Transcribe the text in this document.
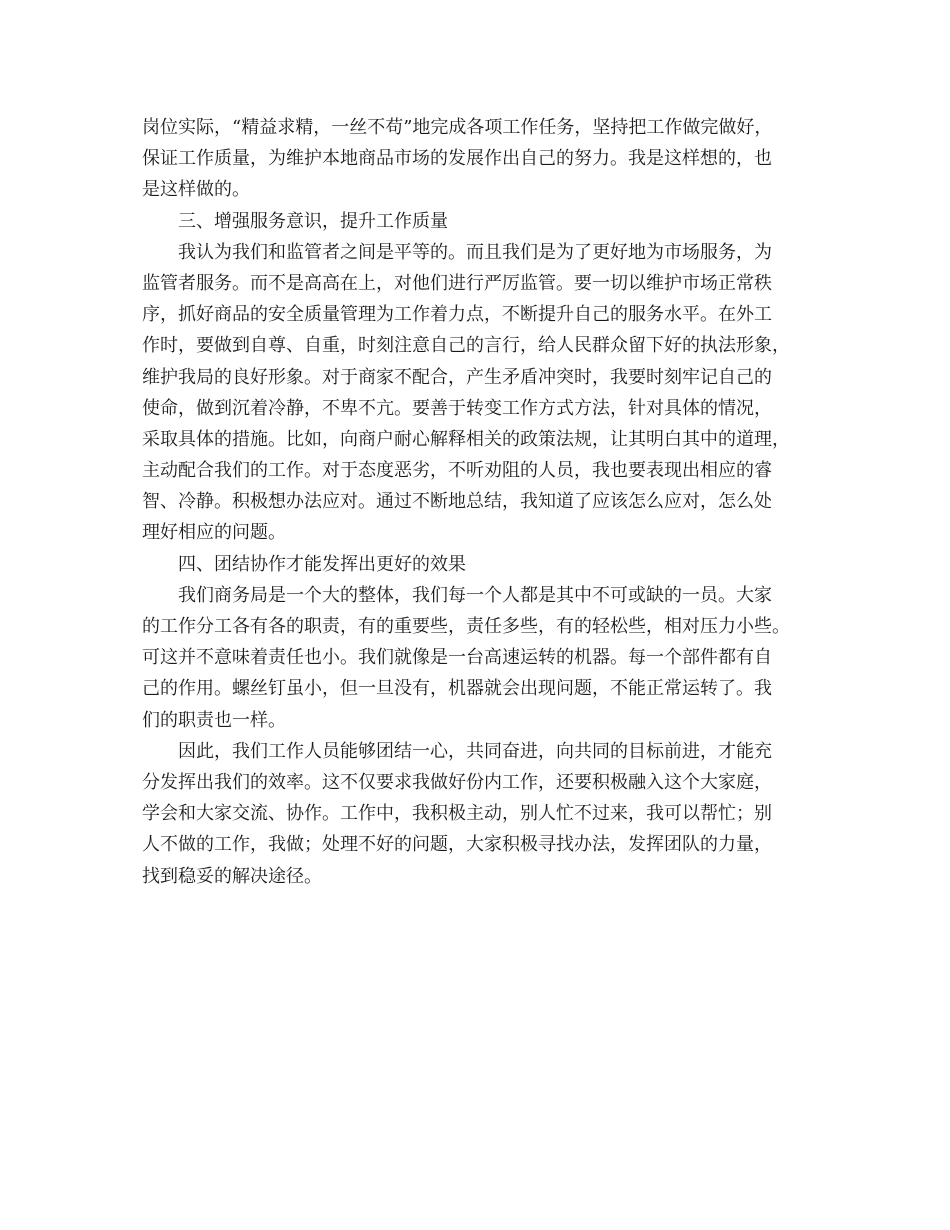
岗位实际，“精益求精，一丝不苟”地完成各项工作任务，坚持把工作做完做好，
保证工作质量，为维护本地商品市场的发展作出自己的努力。我是这样想的，也
是这样做的。
三、增强服务意识，提升工作质量
我认为我们和监管者之间是平等的。而且我们是为了更好地为市场服务，为
监管者服务。而不是高高在上，对他们进行严厉监管。要一切以维护市场正常秩
序，抓好商品的安全质量管理为工作着力点，不断提升自己的服务水平。在外工
作时，要做到自尊、自重，时刻注意自己的言行，给人民群众留下好的执法形象，
维护我局的良好形象。对于商家不配合，产生矛盾冲突时，我要时刻牢记自己的
使命，做到沉着冷静，不卑不亢。要善于转变工作方式方法，针对具体的情况，
采取具体的措施。比如，向商户耐心解释相关的政策法规，让其明白其中的道理，
主动配合我们的工作。对于态度恶劣，不听劝阻的人员，我也要表现出相应的睿
智、冷静。积极想办法应对。通过不断地总结，我知道了应该怎么应对，怎么处
理好相应的问题。
四、团结协作才能发挥出更好的效果
我们商务局是一个大的整体，我们每一个人都是其中不可或缺的一员。大家
的工作分工各有各的职责，有的重要些，责任多些，有的轻松些，相对压力小些。
可这并不意味着责任也小。我们就像是一台高速运转的机器。每一个部件都有自
己的作用。螺丝钉虽小，但一旦没有，机器就会出现问题，不能正常运转了。我
们的职责也一样。
因此，我们工作人员能够团结一心，共同奋进，向共同的目标前进，才能充
分发挥出我们的效率。这不仅要求我做好份内工作，还要积极融入这个大家庭，
学会和大家交流、协作。工作中，我积极主动，别人忙不过来，我可以帮忙；别
人不做的工作，我做；处理不好的问题，大家积极寻找办法，发挥团队的力量，
找到稳妥的解决途径。
